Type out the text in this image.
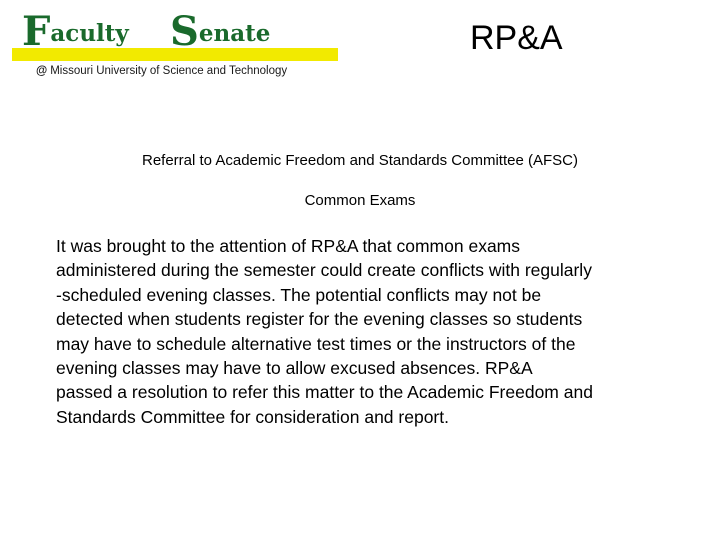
Faculty Senate
@ Missouri University of Science and Technology
RP&A
Referral to Academic Freedom and Standards Committee (AFSC)
Common Exams

It was brought to the attention of RP&A that common exams
administered during the semester could create conflicts with regularly
-scheduled evening classes. The potential conflicts may not be
detected when students register for the evening classes so students
may have to schedule alternative test times or the instructors of the
evening classes may have to allow excused absences. RP&A
passed a resolution to refer this matter to the Academic Freedom and
Standards Committee for consideration and report.
